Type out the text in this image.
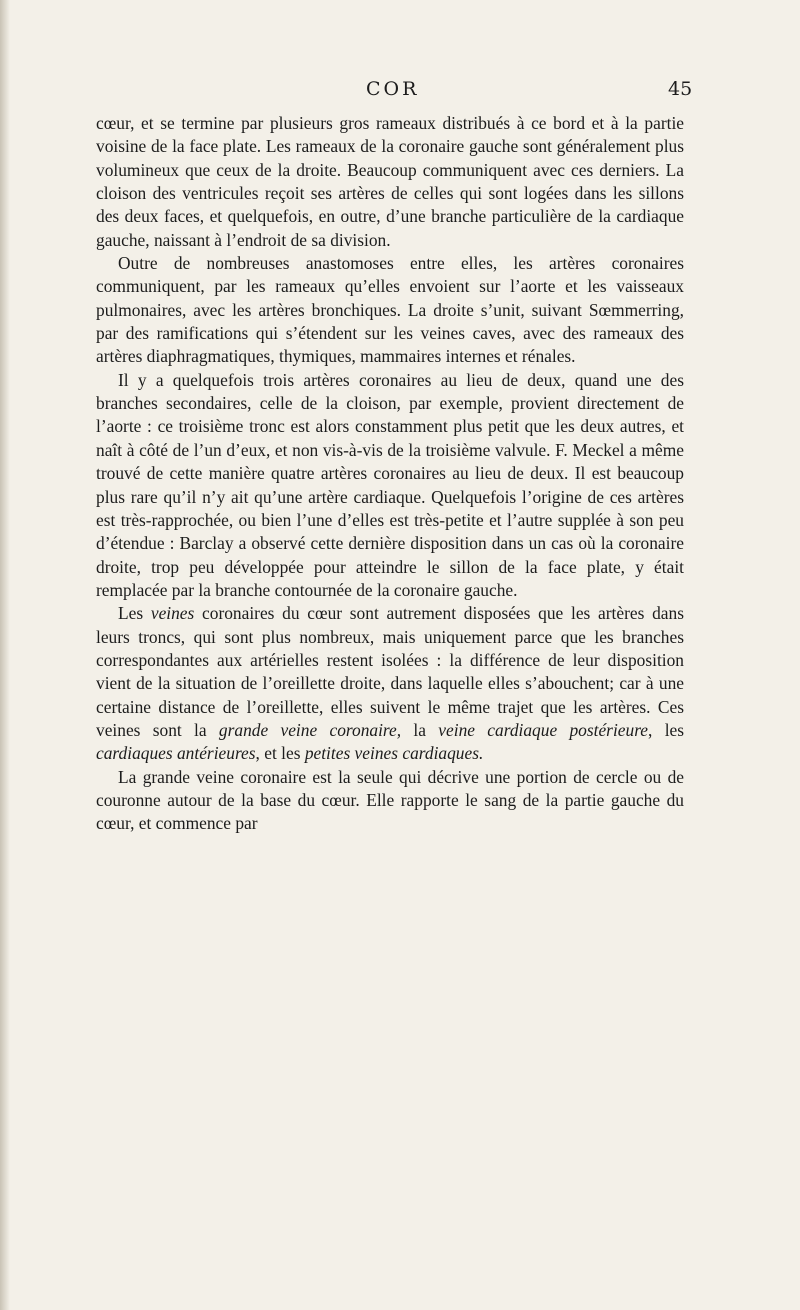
COR	45

cœur, et se termine par plusieurs gros rameaux distribués à ce bord et à la partie voisine de la face plate. Les rameaux de la coronaire gauche sont généralement plus volumineux que ceux de la droite. Beaucoup communiquent avec ces derniers. La cloison des ventricules reçoit ses artères de celles qui sont logées dans les sillons des deux faces, et quelquefois, en outre, d’une branche particulière de la cardiaque gauche, naissant à l’endroit de sa division.

Outre de nombreuses anastomoses entre elles, les artères coronaires communiquent, par les rameaux qu’elles envoient sur l’aorte et les vaisseaux pulmonaires, avec les artères bronchiques. La droite s’unit, suivant Sœmmerring, par des ramifications qui s’étendent sur les veines caves, avec des rameaux des artères diaphragmatiques, thymiques, mammaires internes et rénales.

Il y a quelquefois trois artères coronaires au lieu de deux, quand une des branches secondaires, celle de la cloison, par exemple, provient directement de l’aorte : ce troisième tronc est alors constamment plus petit que les deux autres, et naît à côté de l’un d’eux, et non vis-à-vis de la troisième valvule. F. Meckel a même trouvé de cette manière quatre artères coronaires au lieu de deux. Il est beaucoup plus rare qu’il n’y ait qu’une artère cardiaque. Quelquefois l’origine de ces artères est très-rapprochée, ou bien l’une d’elles est très-petite et l’autre supplée à son peu d’étendue : Barclay a observé cette dernière disposition dans un cas où la coronaire droite, trop peu développée pour atteindre le sillon de la face plate, y était remplacée par la branche contournée de la coronaire gauche.

Les veines coronaires du cœur sont autrement disposées que les artères dans leurs troncs, qui sont plus nombreux, mais uniquement parce que les branches correspondantes aux artérielles restent isolées : la différence de leur disposition vient de la situation de l’oreillette droite, dans laquelle elles s’abouchent; car à une certaine distance de l’oreillette, elles suivent le même trajet que les artères. Ces veines sont la grande veine coronaire, la veine cardiaque postérieure, les cardiaques antérieures, et les petites veines cardiaques.

La grande veine coronaire est la seule qui décrive une portion de cercle ou de couronne autour de la base du cœur. Elle rapporte le sang de la partie gauche du cœur, et commence par
